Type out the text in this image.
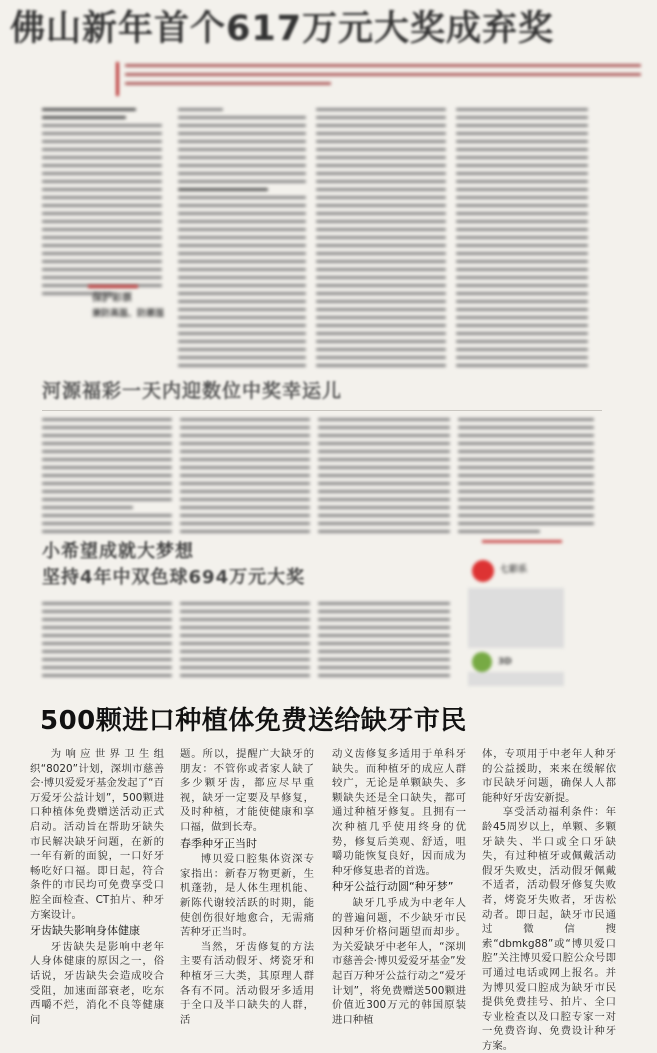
佛山新年首个617万元大奖成弃奖
保护彩票
兼防高温、防潮湿
河源福彩一天内迎数位中奖幸运儿
小希望成就大梦想
坚持4年中双色球694万元大奖	七彩乐
3D
500颗进口种植体免费送给缺牙市民

为响应世界卫生组织“8020”计划，深圳市慈善会·博贝爱爱牙基金发起了“百万爱牙公益计划”，500颗进口种植体免费赠送活动正式启动。活动旨在帮助牙缺失市民解决缺牙问题，在新的一年有新的面貌，一口好牙畅吃好口福。即日起，符合条件的市民均可免费享受口腔全面检查、CT拍片、种牙方案设计。

牙齿缺失影响身体健康

牙齿缺失是影响中老年人身体健康的原因之一，俗话说，牙齿缺失会造成咬合受阻，加速面部衰老，吃东西嚼不烂，消化不良等健康问

题。所以，提醒广大缺牙的朋友：不管你或者家人缺了多少颗牙齿，都应尽早重视，缺牙一定要及早修复，及时种植，才能使健康和享口福，做到长寿。

春季种牙正当时

博贝爱口腔集体资深专家指出：新春万物更新，生机蓬勃，是人体生理机能、新陈代谢较活跃的时期，能使创伤很好地愈合，无需痛苦种牙正当时。

当然，牙齿修复的方法主要有活动假牙、烤瓷牙和种植牙三大类，其原理人群各有不同。活动假牙多适用于全口及半口缺失的人群，活

动义齿修复多适用于单科牙缺失。而种植牙的成应人群较广，无论是单颗缺失、多颗缺失还是全口缺失，都可通过种植牙修复。且拥有一次种植几乎使用终身的优势，修复后美观、舒适，咀嚼功能恢复良好，因而成为种牙修复患者的首选。

种牙公益行动圆“种牙梦”

缺牙几乎成为中老年人的普遍问题，不少缺牙市民因种牙价格问题望而却步。为关爱缺牙中老年人，“深圳市慈善会·博贝爱爱牙基金”发起百万种牙公益行动之“爱牙计划”，将免费赠送500颗进价值近300万元的韩国原装进口种植

体，专项用于中老年人种牙的公益援助，来来在缓解依市民缺牙问题，确保人人都能种好牙齿安新提。

享受活动福利条件：年龄45周岁以上，单颗、多颗牙缺失、半口或全口牙缺失，有过种植牙或佩戴活动假牙失败史，活动假牙佩戴不适者，活动假牙修复失败者，烤瓷牙失败者，牙齿松动者。即日起，缺牙市民通过微信搜索“dbmkg88”或“博贝爱口腔”关注博贝爱口腔公众号即可通过电话或网上报名。并为博贝爱口腔成为缺牙市民提供免费挂号、拍片、全口专业检查以及口腔专家一对一免费咨询、免费设计种牙方案。
